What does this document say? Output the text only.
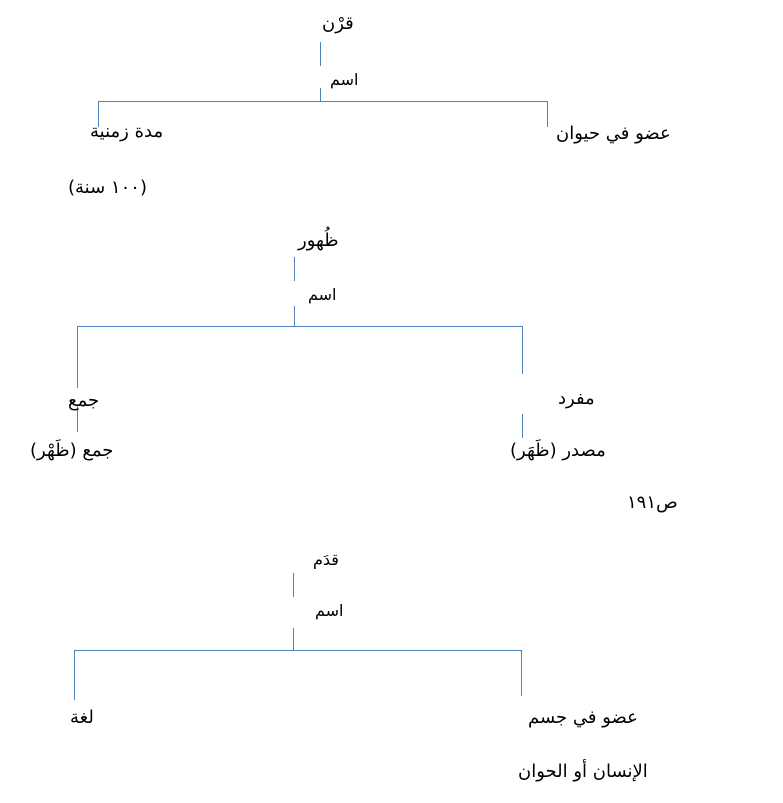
قرْن
اسم
عضو في حيوان
مدة زمنية
(١٠٠ سنة)
ظُهور
اسم
مفرد
جمع
مصدر (ظَهَر)
جمع (ظَهْر)
ص١٩١
قدَم
اسم
عضو في جسم
لغة
الإنسان أو الحوان
